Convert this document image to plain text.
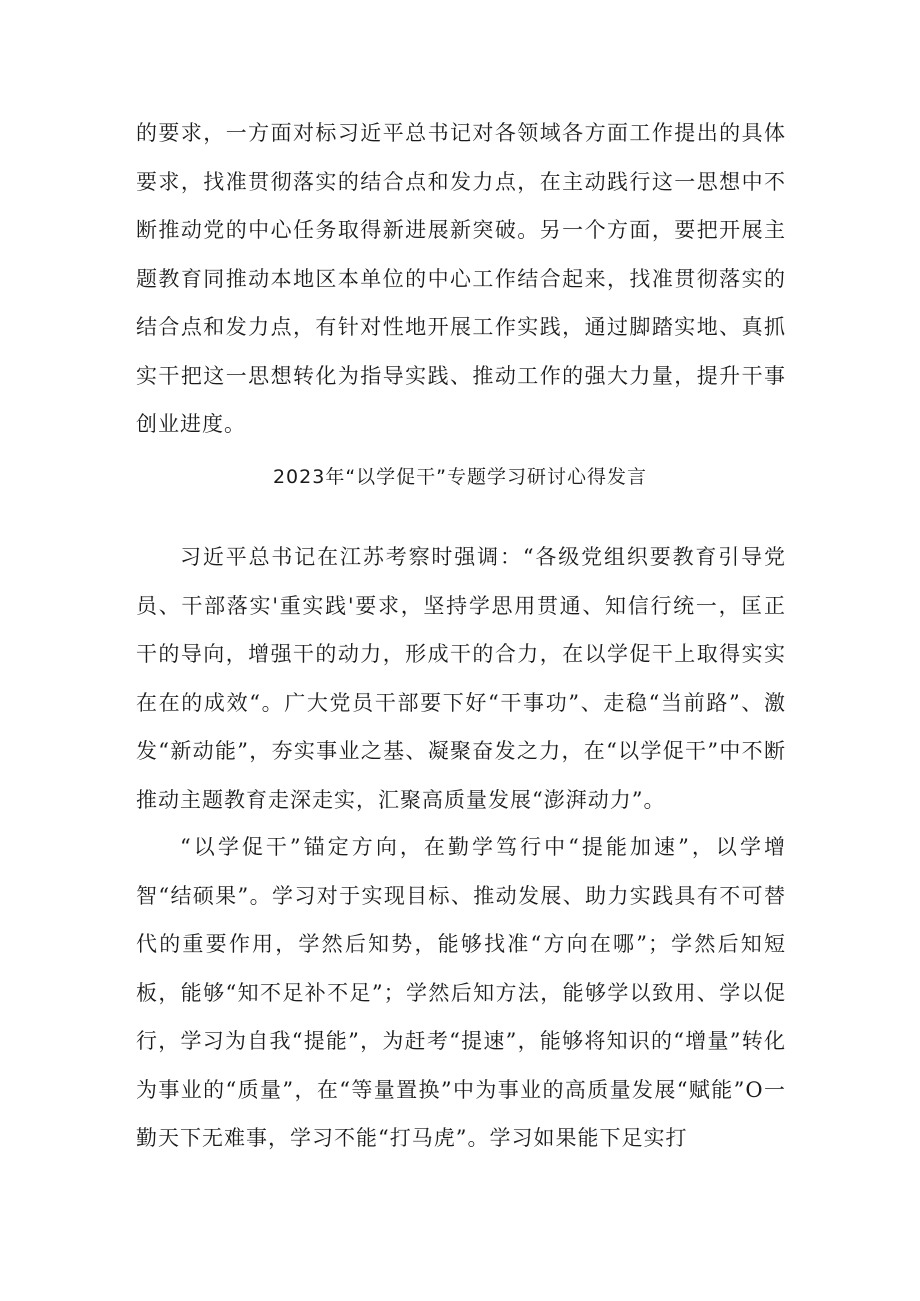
的要求，一方面对标习近平总书记对各领域各方面工作提出的具体要求，找准贯彻落实的结合点和发力点，在主动践行这一思想中不断推动党的中心任务取得新进展新突破。另一个方面，要把开展主题教育同推动本地区本单位的中心工作结合起来，找准贯彻落实的结合点和发力点，有针对性地开展工作实践，通过脚踏实地、真抓实干把这一思想转化为指导实践、推动工作的强大力量，提升干事创业进度。

2023年“以学促干”专题学习研讨心得发言

习近平总书记在江苏考察时强调：“各级党组织要教育引导党员、干部落实'重实践'要求，坚持学思用贯通、知信行统一，匡正干的导向，增强干的动力，形成干的合力，在以学促干上取得实实在在的成效“。广大党员干部要下好“干事功”、走稳“当前路”、激发“新动能”，夯实事业之基、凝聚奋发之力，在“以学促干”中不断推动主题教育走深走实，汇聚高质量发展“澎湃动力”。

“以学促干”锚定方向，在勤学笃行中“提能加速”，以学增智“结硕果”。学习对于实现目标、推动发展、助力实践具有不可替代的重要作用，学然后知势，能够找准“方向在哪”；学然后知短板，能够“知不足补不足”；学然后知方法，能够学以致用、学以促行，学习为自我“提能”，为赶考“提速”，能够将知识的“增量”转化为事业的“质量”，在“等量置换”中为事业的高质量发展“赋能”O一勤天下无难事，学习不能“打马虎”。学习如果能下足实打
